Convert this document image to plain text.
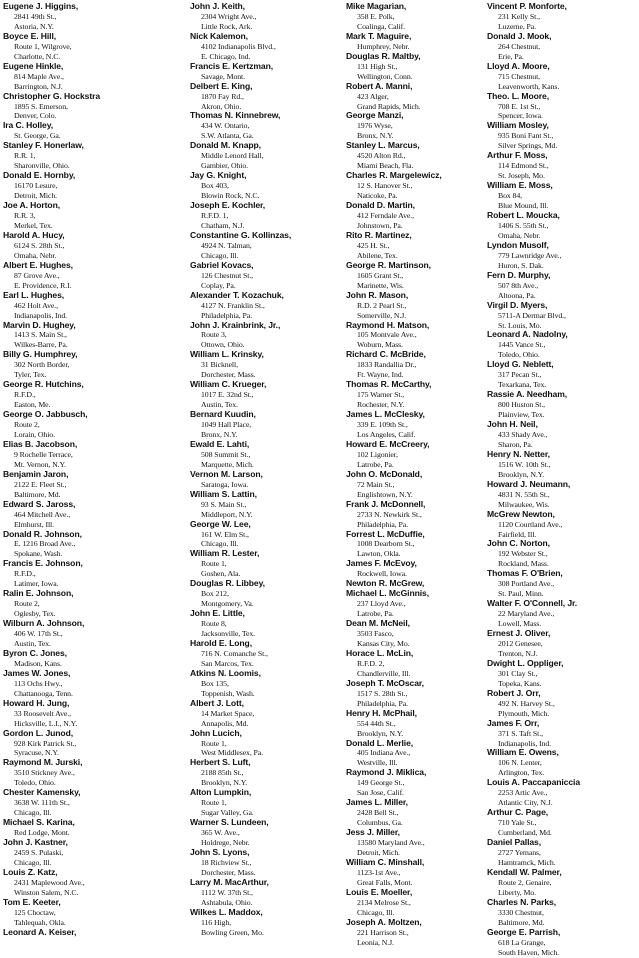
Eugene J. Higgins,
2841 49th St.,
Astoria, N.Y.
Boyce E. Hill,
Route 1, Wilgrove,
Charlotte, N.C.
Eugene Hinkle,
814 Maple Ave.,
Barrington, N.J.
Christopher G. Hockstra
1895 S. Emerson,
Denver, Colo.
Ira C. Holley,
St. George, Ga.
Stanley F. Honerlaw,
R.R. 1,
Sharonville, Ohio.
Donald E. Hornby,
16170 Lesure,
Detroit, Mich.
Joe A. Horton,
R.R. 3,
Merkel, Tex.
Harold A. Hucy,
6124 S. 28th St.,
Omaha, Nebr.
Albert E. Hughes,
87 Grove Ave.,
E. Providence, R.I.
Earl L. Hughes,
462 Holt Ave.,
Indianapolis, Ind.
Marvin D. Hughey,
1413 S. Main St.,
Wilkes-Barre, Pa.
Billy G. Humphrey,
302 North Border,
Tyler, Tex.
George R. Hutchins,
R.F.D.,
Easton, Me.
George O. Jabbusch,
Route 2,
Lorain, Ohio.
Elias B. Jacobson,
9 Rochelle Terrace,
Mt. Vernon, N.Y.
Benjamin Jaron,
2122 E. Fleet St.,
Baltimore, Md.
Edward S. Jaross,
464 Mitchell Ave.,
Elmhurst, Ill.
Donald R. Johnson,
E. 1216 Broad Ave.,
Spokane, Wash.
Francis E. Johnson,
R.F.D.,
Latimer, Iowa.
Ralin E. Johnson,
Route 2,
Oglesby, Tex.
Wilburn A. Johnson,
406 W. 17th St.,
Austin, Tex.
Byron C. Jones,
Madison, Kans.
James W. Jones,
113 Ochs Hwy.,
Chattanooga, Tenn.
Howard H. Jung,
33 Roosevelt Ave.,
Hicksville, L.I., N.Y.
Gordon L. Junod,
928 Kirk Patrick St.,
Syracuse, N.Y.
Raymond M. Jurski,
3510 Stickney Ave.,
Toledo, Ohio.
Chester Kamensky,
3638 W. 111th St.,
Chicago, Ill.
Michael S. Karina,
Red Lodge, Mont.
John J. Kastner,
2459 S. Pulaski,
Chicago, Ill.
Louis Z. Katz,
2431 Maplewood Ave.,
Winston Salem, N.C.
Tom E. Keeter,
125 Choctaw,
Tahlequah, Okla.
Leonard A. Keiser,
John J. Keith,
2304 Wright Ave.,
Little Rock, Ark.
Nick Kalemon,
4102 Indianapolis Blvd.,
E. Chicago, Ind.
Francis E. Kertzman,
Savage, Mont.
Delbert E. King,
1870 Fay Rd.,
Akron, Ohio.
Thomas N. Kinnebrew,
434 W. Ontario,
S.W. Atlanta, Ga.
Donald M. Knapp,
Middle Lenord Hall,
Gambier, Ohio.
Jay G. Knight,
Box 403,
Blowin Rock, N.C.
Joseph E. Kochler,
R.F.D. 1,
Chatham, N.J.
Constantine G. Kollinzas,
4924 N. Talman,
Chicago, Ill.
Gabriel Kovacs,
126 Chestnut St.,
Coplay, Pa.
Alexander T. Kozachuk,
4127 N. Franklin St.,
Philadelphia, Pa.
John J. Krainbrink, Jr.,
Route 3,
Ottown, Ohio.
William L. Krinsky,
31 Bicknell,
Dorchester, Mass.
William C. Krueger,
1017 E. 32nd St.,
Austin, Tex.
Bernard Kuudin,
1049 Hall Place,
Bronx, N.Y.
Ewald E. Lahti,
508 Summit St.,
Marquette, Mich.
Vernon M. Larson,
Saratoga, Iowa.
William S. Lattin,
93 S. Main St.,
Middleport, N.Y.
George W. Lee,
161 W. Elm St.,
Chicago, Ill.
William R. Lester,
Route 1,
Goshen, Ala.
Douglas R. Libbey,
Box 212,
Montgomery, Va.
John E. Little,
Route 8,
Jacksonville, Tex.
Harold E. Long,
716 N. Comanche St.,
San Marcos, Tex.
Atkins N. Loomis,
Box 135,
Toppenish, Wash.
Albert J. Lott,
14 Market Space,
Annapolis, Md.
John Lucich,
Route 1,
West Middlesex, Pa.
Herbert S. Luft,
2188 85th St.,
Brooklyn, N.Y.
Alton Lumpkin,
Route 1,
Sugar Valley, Ga.
Warner S. Lundeen,
365 W. Ave.,
Holdrege, Nebr.
John S. Lyons,
18 Richview St.,
Dorchester, Mass.
Larry M. MacArthur,
1112 W. 37th St.,
Ashtabula, Ohio.
Wilkes L. Maddox,
116 High,
Bowling Green, Mo.
Mike Magarian,
358 E. Polk,
Coalinga, Calif.
Mark T. Maguire,
Humphrey, Nebr.
Douglas R. Maltby,
131 High St.,
Wellington, Conn.
Robert A. Manni,
423 Alger,
Grand Rapids, Mich.
George Manzi,
1976 Wyse,
Bronx, N.Y.
Stanley L. Marcus,
4520 Alton Rd.,
Miami Beach, Fla.
Charles R. Margelewicz,
12 S. Hanover St.,
Naticoke, Pa.
Donald D. Martin,
412 Ferndale Ave.,
Johnstown, Pa.
Rito R. Martinez,
425 H. St.,
Abilene, Tex.
George R. Martinson,
1605 Grant St.,
Marinette, Wis.
John R. Mason,
R.D. 2 Pearl St.,
Somerville, N.J.
Raymond H. Matson,
105 Montvale Ave.,
Woburn, Mass.
Richard C. McBride,
1833 Randallia Dr.,
Ft. Wayne, Ind.
Thomas R. McCarthy,
175 Warner St.,
Rochester, N.Y.
James L. McClesky,
339 E. 109th St.,
Los Angeles, Calif.
Howard E. McCreery,
102 Ligonier,
Latrobe, Pa.
John O. McDonald,
72 Main St.,
Englishtown, N.Y.
Frank J. McDonnell,
2733 N. Newkirk St.,
Philadelphia, Pa.
Forrest L. McDuffie,
1008 Dearborn St.,
Lawton, Okla.
James F. McEvoy,
Rockwell, Iowa.
Newton R. McGrew,
Michael L. McGinnis,
237 Lloyd Ave.,
Latrobe, Pa.
Dean M. McNeil,
3503 Fasco,
Kansas City, Mo.
Horace L. McLin,
R.F.D. 2,
Chandlerville, Ill.
Joseph T. McOscar,
1517 S. 28th St.,
Philadelphia, Pa.
Henry H. McPhail,
554 44th St.,
Brooklyn, N.Y.
Donald L. Merlie,
405 Indiana Ave.,
Westville, Ill.
Raymond J. Miklica,
149 George St.,
San Jose, Calif.
James L. Miller,
2428 Bell St.,
Columbus, Ga.
Jess J. Miller,
13580 Maryland Ave.,
Detroit, Mich.
William C. Minshall,
1123-1st Ave.,
Great Falls, Mont.
Louis E. Moeller,
2134 Melrose St.,
Chicago, Ill.
Joseph A. Moltzen,
221 Harrison St.,
Leonia, N.J.
Vincent P. Monforte,
231 Kelly St.,
Luzerne, Pa.
Donald J. Mook,
264 Chestnut,
Erie, Pa.
Lloyd A. Moore,
715 Chestnut,
Leavenworth, Kans.
Theo. L. Moore,
708 E. 1st St.,
Spencer, Iowa.
William Mosley,
935 Boni Fant St.,
Silver Springs, Md.
Arthur F. Moss,
114 Edmond St.,
St. Joseph, Mo.
William E. Moss,
Box 84,
Blue Mound, Ill.
Robert L. Moucka,
1406 S. 55th St.,
Omaha, Nebr.
Lyndon Musolf,
779 Lawnridge Ave.,
Huron, S. Dak.
Fern D. Murphy,
507 8th Ave.,
Altoona, Pa.
Virgil D. Myers,
5711-A Dermar Blvd.,
St. Louis, Mo.
Leonard A. Nadolny,
1445 Vance St.,
Toledo, Ohio.
Lloyd G. Neblett,
317 Pecan St.,
Texarkana, Tex.
Rassie A. Needham,
800 Huston St.,
Plainview, Tex.
John H. Neil,
433 Shady Ave.,
Sharon, Pa.
Henry N. Netter,
1516 W. 10th St.,
Brooklyn, N.Y.
Howard J. Neumann,
4831 N. 55th St.,
Milwaukee, Wis.
McGrew Newton,
1120 Courtland Ave.,
Fairfield, Ill.
John C. Norton,
192 Webster St.,
Rockland, Mass.
Thomas F. O'Brien,
308 Portland Ave.,
St. Paul, Minn.
Walter F. O'Connell, Jr.
22 Maryland Ave.,
Lowell, Mass.
Ernest J. Oliver,
2012 Genesee,
Trenton, N.J.
Dwight L. Oppliger,
301 Clay St.,
Topeka, Kans.
Robert J. Orr,
492 N. Harvey St.,
Plymouth, Mich.
James F. Orr,
371 S. Taft St.,
Indianapolis, Ind.
William E. Owens,
106 N. Lenter,
Arlington, Tex.
Louis A. Paccapaniccia
2253 Artic Ave.,
Atlantic City, N.J.
Arthur C. Page,
710 Yale St.,
Cumberland, Md.
Daniel Pallas,
2727 Yemans,
Hamtramck, Mich.
Kendall W. Palmer,
Route 2, Genaire,
Liberty, Mo.
Charles N. Parks,
3330 Chestnut,
Baltimore, Md.
George E. Parrish,
618 La Grange,
South Haven, Mich.
